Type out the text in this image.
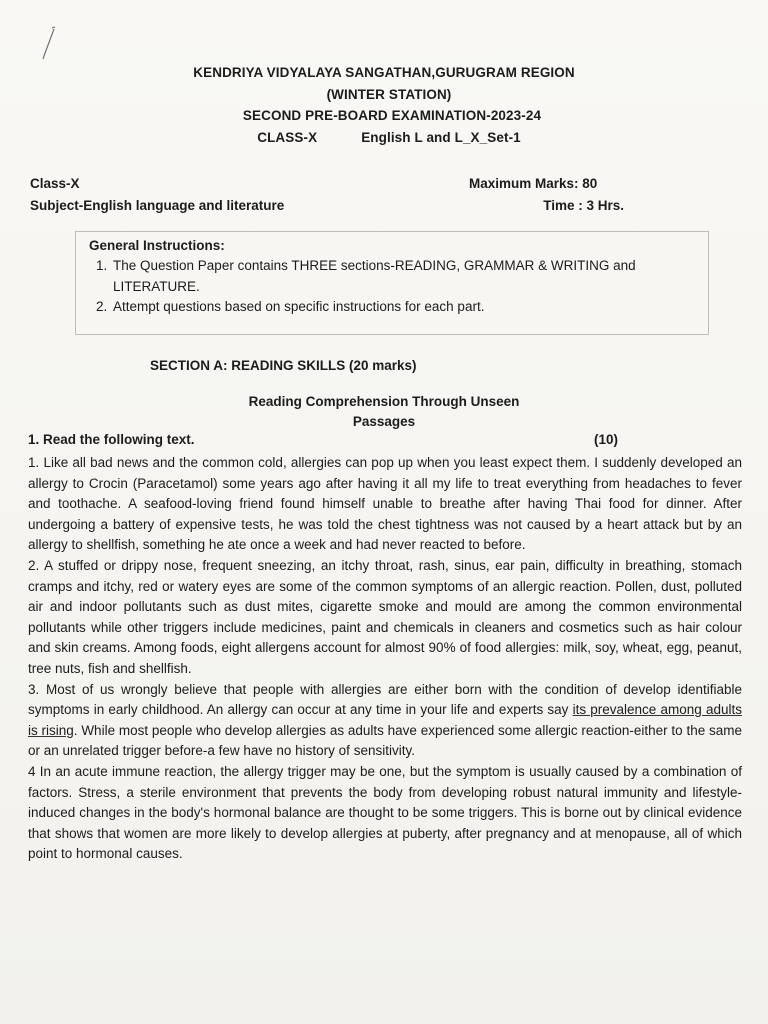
KENDRIYA VIDYALAYA SANGATHAN,GURUGRAM REGION
(WINTER STATION)
SECOND PRE-BOARD EXAMINATION-2023-24
CLASS-X	English L and L_X_Set-1
Class-X	Maximum Marks: 80
Subject-English language and literature	Time : 3 Hrs.
General Instructions:
1. The Question Paper contains THREE sections-READING, GRAMMAR & WRITING and LITERATURE.
2. Attempt questions based on specific instructions for each part.
SECTION A: READING SKILLS (20 marks)
Reading Comprehension Through Unseen
Passages
1. Read the following text.	(10)

1. Like all bad news and the common cold, allergies can pop up when you least expect them. I suddenly developed an allergy to Crocin (Paracetamol) some years ago after having it all my life to treat everything from headaches to fever and toothache. A seafood-loving friend found himself unable to breathe after having Thai food for dinner. After undergoing a battery of expensive tests, he was told the chest tightness was not caused by a heart attack but by an allergy to shellfish, something he ate once a week and had never reacted to before.

2. A stuffed or drippy nose, frequent sneezing, an itchy throat, rash, sinus, ear pain, difficulty in breathing, stomach cramps and itchy, red or watery eyes are some of the common symptoms of an allergic reaction. Pollen, dust, polluted air and indoor pollutants such as dust mites, cigarette smoke and mould are among the common environmental pollutants while other triggers include medicines, paint and chemicals in cleaners and cosmetics such as hair colour and skin creams. Among foods, eight allergens account for almost 90% of food allergies: milk, soy, wheat, egg, peanut, tree nuts, fish and shellfish.

3. Most of us wrongly believe that people with allergies are either born with the condition of develop identifiable symptoms in early childhood. An allergy can occur at any time in your life and experts say its prevalence among adults is rising. While most people who develop allergies as adults have experienced some allergic reaction-either to the same or an unrelated trigger before-a few have no history of sensitivity.

4 In an acute immune reaction, the allergy trigger may be one, but the symptom is usually caused by a combination of factors. Stress, a sterile environment that prevents the body from developing robust natural immunity and lifestyle-induced changes in the body's hormonal balance are thought to be some triggers. This is borne out by clinical evidence that shows that women are more likely to develop allergies at puberty, after pregnancy and at menopause, all of which point to hormonal causes.
